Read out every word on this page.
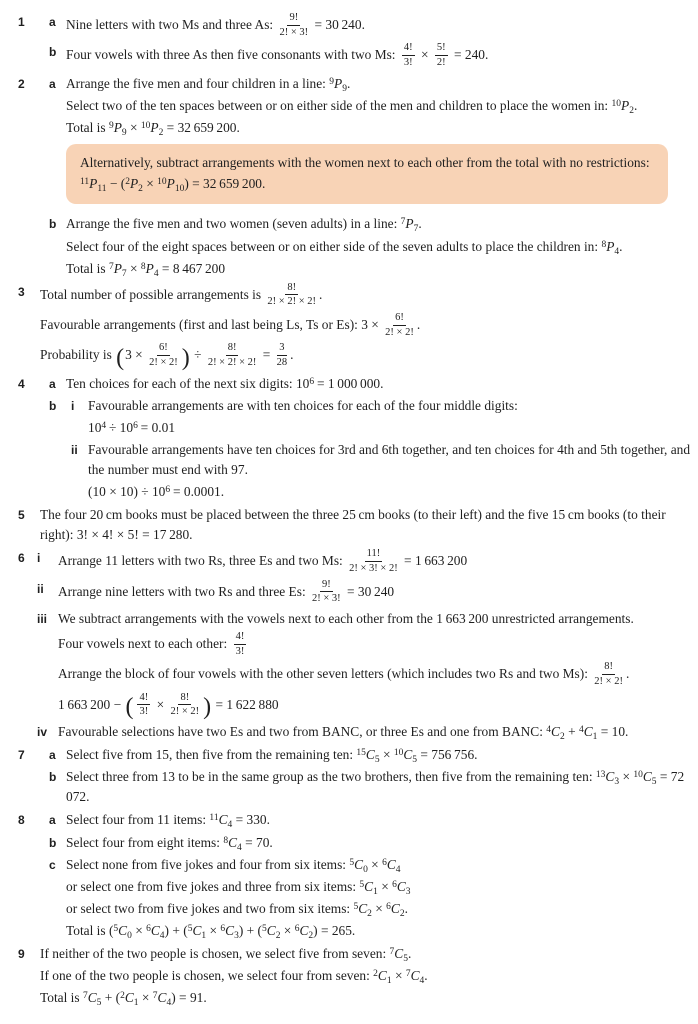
1 a Nine letters with two Ms and three As: $\frac{9!}{2! \times 3!} = 30$ 240.
b Four vowels with three As then five consonants with two Ms: $\frac{4!}{3!} \times \frac{5!}{2!} = 240$.
2 a Arrange the five men and four children in a line: $^9P_9$.
Select two of the ten spaces between or on either side of the men and children to place the women in: $^{10}P_2$.
Total is $^9P_9 \times ^{10}P_2 = 32$ 659 200.
Alternatively, subtract arrangements with the women next to each other from the total with no restrictions: $^{11}P_{11} - (^2P_2 \times ^{10}P_{10}) = 32$ 659 200.
b Arrange the five men and two women (seven adults) in a line: $^7P_7$.
Select four of the eight spaces between or on either side of the seven adults to place the children in: $^8P_4$.
Total is $^7P_7 \times ^8P_4 = 8$ 467 200
3 Total number of possible arrangements is $\frac{8!}{2! \times 2! \times 2!}$ .
Favourable arrangements (first and last being Ls, Ts or Es): $3 \times \frac{6!}{2! \times 2!}$ .
Probability is ($3 \times \frac{6!}{2! \times 2!}$ ) ÷ $\frac{8!}{2! \times 2! \times 2!} = \frac{3}{28}$ .
4 a Ten choices for each of the next six digits: $10^6 = 1$ 000 000.
b i Favourable arrangements are with ten choices for each of the four middle digits:
$10^4 \div 10^6 = 0.01$
ii Favourable arrangements have ten choices for 3rd and 6th together, and ten choices for 4th and 5th together, and the number must end with 97.
$(10 \times 10) \div 10^6 = 0.0001$.
5 The four 20 cm books must be placed between the three 25 cm books (to their left) and the five 15 cm books (to their right): 3! × 4! × 5! = 17 280.
6 i Arrange 11 letters with two Rs, three Es and two Ms: $\frac{11!}{2! \times 3! \times 2!} = 1$ 663 200
ii Arrange nine letters with two Rs and three Es: $\frac{9!}{2! \times 3!} = 30$ 240
iii We subtract arrangements with the vowels next to each other from the 1 663 200 unrestricted arrangements.
Four vowels next to each other: $\frac{4!}{3!}$
Arrange the block of four vowels with the other seven letters (which includes two Rs and two Ms): $\frac{8!}{2! \times 2!}$ .
1 663 200 − ( $\frac{4!}{3!} \times \frac{8!}{2! \times 2!}$ ) = 1 622 880
iv Favourable selections have two Es and two from BANC, or three Es and one from BANC: $^4C_2 + ^4C_1 = 10$.
7 a Select five from 15, then five from the remaining ten: $^{15}C_5 \times ^{10}C_5 = 756$ 756.
b Select three from 13 to be in the same group as the two brothers, then five from the remaining ten: $^{13}C_3 \times ^{10}C_5 = 72$ 072.
8 a Select four from 11 items: $^{11}C_4 = 330$.
b Select four from eight items: $^8C_4 = 70$.
c Select none from five jokes and four from six items: $^5C_0 \times ^6C_4$
or select one from five jokes and three from six items: $^5C_1 \times ^6C_3$
or select two from five jokes and two from six items: $^5C_2 \times ^6C_2$.
Total is $(^5C_0 \times ^6C_4) + (^5C_1 \times ^6C_3) + (^5C_2 \times ^6C_2) = 265$.
9 If neither of the two people is chosen, we select five from seven: $^7C_5$.
If one of the two people is chosen, we select four from seven: $^2C_1 \times ^7C_4$.
Total is $^7C_5 + (^2C_1 \times ^7C_4) = 91$.
